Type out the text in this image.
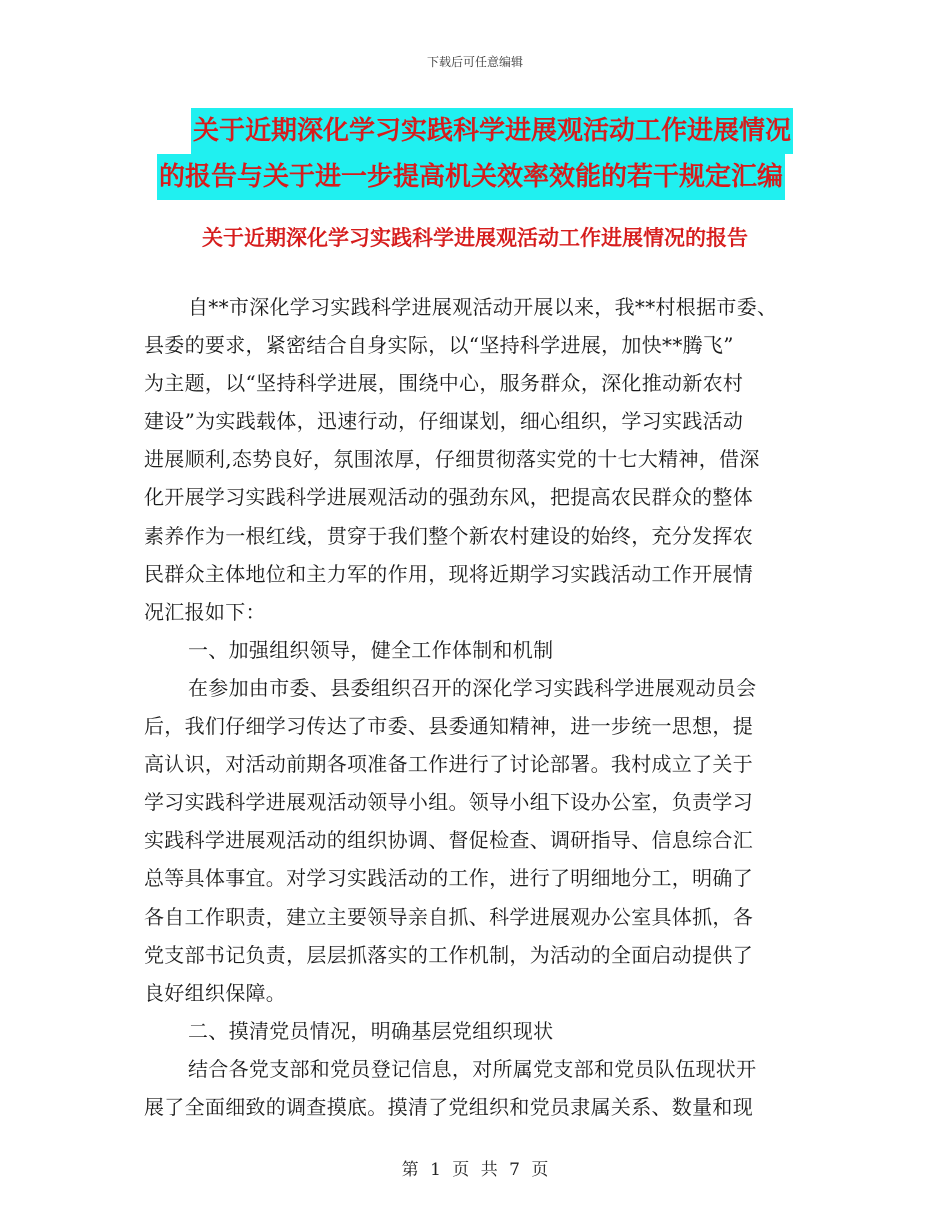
下载后可任意编辑
关于近期深化学习实践科学进展观活动工作进展情况
的报告与关于进一步提高机关效率效能的若干规定汇编
关于近期深化学习实践科学进展观活动工作进展情况的报告
自**市深化学习实践科学进展观活动开展以来，我**村根据市委、
县委的要求，紧密结合自身实际，以“坚持科学进展，加快**腾飞”
为主题，以“坚持科学进展，围绕中心，服务群众，深化推动新农村
建设”为实践载体，迅速行动，仔细谋划，细心组织，学习实践活动
进展顺利,态势良好，氛围浓厚，仔细贯彻落实党的十七大精神，借深
化开展学习实践科学进展观活动的强劲东风，把提高农民群众的整体
素养作为一根红线，贯穿于我们整个新农村建设的始终，充分发挥农
民群众主体地位和主力军的作用，现将近期学习实践活动工作开展情
况汇报如下：
一、加强组织领导，健全工作体制和机制
在参加由市委、县委组织召开的深化学习实践科学进展观动员会
后，我们仔细学习传达了市委、县委通知精神，进一步统一思想，提
高认识，对活动前期各项准备工作进行了讨论部署。我村成立了关于
学习实践科学进展观活动领导小组。领导小组下设办公室，负责学习
实践科学进展观活动的组织协调、督促检查、调研指导、信息综合汇
总等具体事宜。对学习实践活动的工作，进行了明细地分工，明确了
各自工作职责，建立主要领导亲自抓、科学进展观办公室具体抓，各
党支部书记负责，层层抓落实的工作机制，为活动的全面启动提供了
良好组织保障。
二、摸清党员情况，明确基层党组织现状
结合各党支部和党员登记信息，对所属党支部和党员队伍现状开
展了全面细致的调查摸底。摸清了党组织和党员隶属关系、数量和现
第 1 页 共 7 页
